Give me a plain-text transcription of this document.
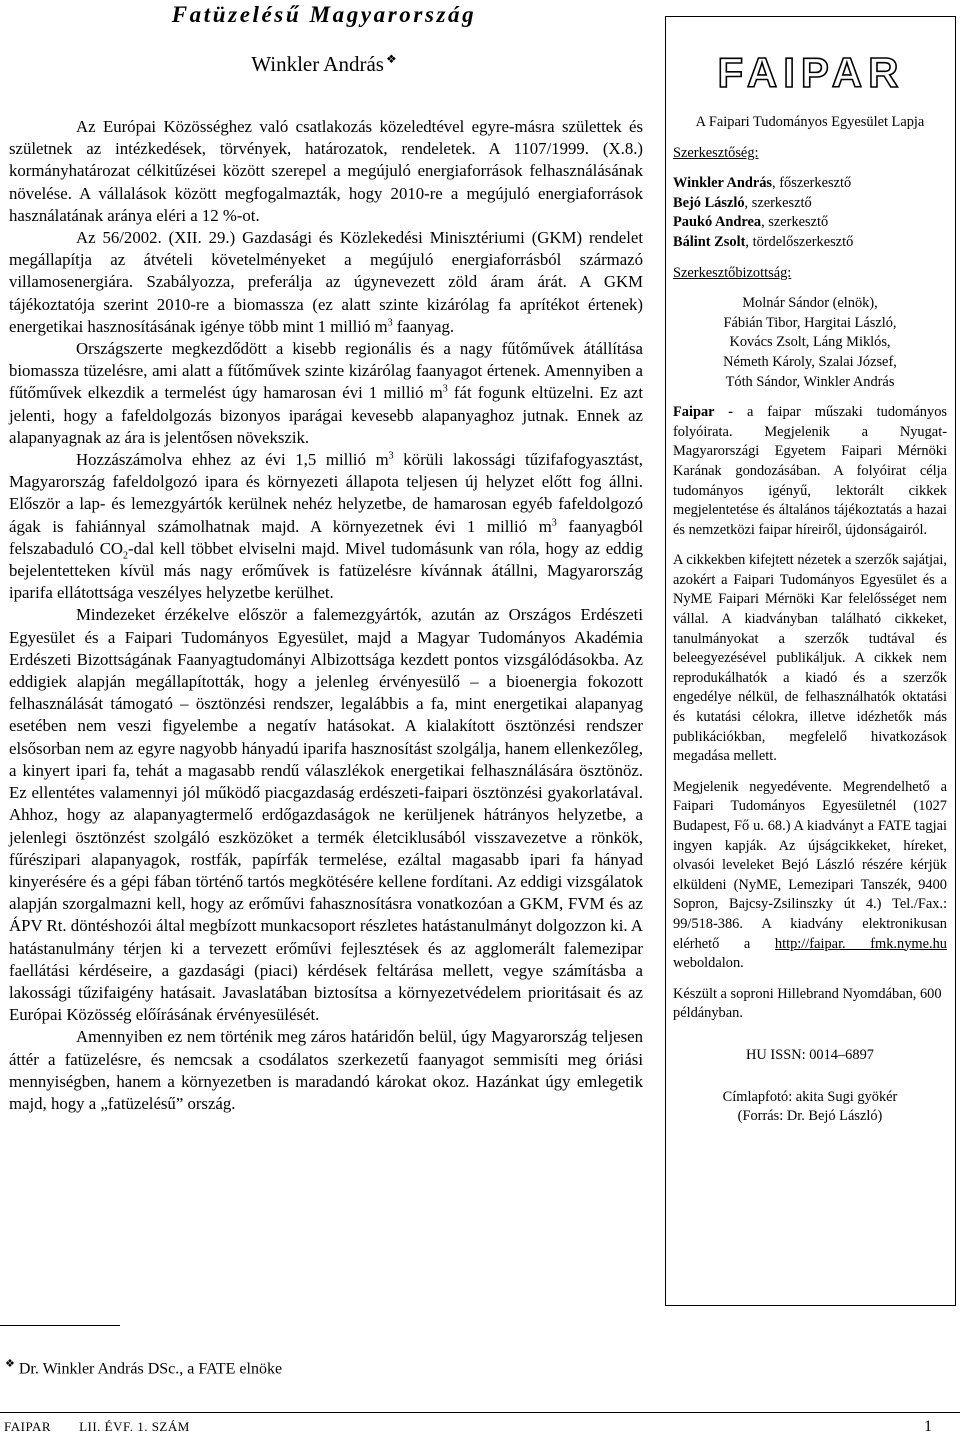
Fatüzelésű Magyarország

Winkler András ❖

Az Európai Közösséghez való csatlakozás közeledtével egyre-másra születtek és születnek az intézkedések, törvények, határozatok, rendeletek. A 1107/1999. (X.8.) kormányhatározat célkitűzései között szerepel a megújuló energiaforrások felhasználásának növelése. A vállalások között megfogalmazták, hogy 2010-re a megújuló energiaforrások használatának aránya eléri a 12 %-ot.

Az 56/2002. (XII. 29.) Gazdasági és Közlekedési Minisztériumi (GKM) rendelet megállapítja az átvételi követelményeket a megújuló energiaforrásból származó villamosenergiára. Szabályozza, preferálja az úgynevezett zöld áram árát. A GKM tájékoztatója szerint 2010-re a biomassza (ez alatt szinte kizárólag fa aprítékot értenek) energetikai hasznosításának igénye több mint 1 millió $m^3$ faanyag.

Országszerte megkezdődött a kisebb regionális és a nagy fűtőművek átállítása biomassza tüzelésre, ami alatt a fűtőművek szinte kizárólag faanyagot értenek. Amennyiben a fűtőművek elkezdik a termelést úgy hamarosan évi 1 millió $m^3$ fát fogunk eltüzelni. Ez azt jelenti, hogy a fafeldolgozás bizonyos iparágai kevesebb alapanyaghoz jutnak. Ennek az alapanyagnak az ára is jelentősen növekszik.

Hozzászámolva ehhez az évi 1,5 millió $m^3$ körüli lakossági tűzifafogyasztást, Magyarország fafeldolgozó ipara és környezeti állapota teljesen új helyzet előtt fog állni. Először a lap- és lemezgyártók kerülnek nehéz helyzetbe, de hamarosan egyéb fafeldolgozó ágak is fahiánnyal számolhatnak majd. A környezetnek évi 1 millió $m^3$ faanyagból felszabaduló $CO_2$-dal kell többet elviselni majd. Mivel tudomásunk van róla, hogy az eddig bejelentetteken kívül más nagy erőművek is fatüzelésre kívánnak átállni, Magyarország iparifa ellátottsága veszélyes helyzetbe kerülhet.

Mindezeket érzékelve először a falemezgyártók, azután az Országos Erdészeti Egyesület és a Faipari Tudományos Egyesület, majd a Magyar Tudományos Akadémia Erdészeti Bizottságának Faanyagtudományi Albizottsága kezdett pontos vizsgálódásokba. Az eddigiek alapján megállapították, hogy a jelenleg érvényesülő – a bioenergia fokozott felhasználását támogató – ösztönzési rendszer, legalábbis a fa, mint energetikai alapanyag esetében nem veszi figyelembe a negatív hatásokat. A kialakított ösztönzési rendszer elsősorban nem az egyre nagyobb hányadú iparifa hasznosítást szolgálja, hanem ellenkezőleg, a kinyert ipari fa, tehát a magasabb rendű válaszlékok energetikai felhasználására ösztönöz. Ez ellentétes valamennyi jól működő piacgazdaság erdészeti-faipari ösztönzési gyakorlatával. Ahhoz, hogy az alapanyagtermelő erdőgazdaságok ne kerüljenek hátrányos helyzetbe, a jelenlegi ösztönzést szolgáló eszközöket a termék életciklusából visszavezetve a rönkök, fűrészipari alapanyagok, rostfák, papírfák termelése, ezáltal magasabb ipari fa hányad kinyerésére és a gépi fában történő tartós megkötésére kellene fordítani. Az eddigi vizsgálatok alapján szorgalmazni kell, hogy az erőművi fahasznosításra vonatkozóan a GKM, FVM és az ÁPV Rt. döntéshozói által megbízott munkacsoport részletes hatástanulmányt dolgozzon ki. A hatástanulmány térjen ki a tervezett erőművi fejlesztések és az agglomerált falemezipar faellátási kérdéseire, a gazdasági (piaci) kérdések feltárása mellett, vegye számításba a lakossági tűzifaigény hatásait. Javaslatában biztosítsa a környezetvédelem prioritásait és az Európai Közösség előírásának érvényesülését.

Amennyiben ez nem történik meg záros határidőn belül, úgy Magyarország teljesen áttér a fatüzelésre, és nemcsak a csodálatos szerkezetű faanyagot semmisíti meg óriási mennyiségben, hanem a környezetben is maradandó károkat okoz. Hazánkat úgy emlegetik majd, hogy a „fatüzelésű” ország.

FAIPAR

A Faipari Tudományos Egyesület Lapja

Szerkesztőség:

Winkler András, főszerkesztő

Bejó László, szerkesztő

Paukó Andrea, szerkesztő

Bálint Zsolt, tördelőszerkesztő

Szerkesztőbizottság:

Molnár Sándor (elnök),

Fábián Tibor, Hargitai László,

Kovács Zsolt, Láng Miklós,

Németh Károly, Szalai József,

Tóth Sándor, Winkler András

Faipar - a faipar műszaki tudományos folyóirata. Megjelenik a Nyugat-Magyarországi Egyetem Faipari Mérnöki Karának gondozásában. A folyóirat célja tudományos igényű, lektorált cikkek megjelentetése és általános tájékoztatás a hazai és nemzetközi faipar híreiről, újdonságairól.

A cikkekben kifejtett nézetek a szerzők sajátjai, azokért a Faipari Tudományos Egyesület és a NyME Faipari Mérnöki Kar felelősséget nem vállal. A kiadványban található cikkeket, tanulmányokat a szerzők tudtával és beleegyezésével publikáljuk. A cikkek nem reprodukálhatók a kiadó és a szerzők engedélye nélkül, de felhasználhatók oktatási és kutatási célokra, illetve idézhetők más publikációkban, megfelelő hivatkozások megadása mellett.

Megjelenik negyedévente. Megrendelhető a Faipari Tudományos Egyesületnél (1027 Budapest, Fő u. 68.) A kiadványt a FATE tagjai ingyen kapják. Az újságcikkeket, híreket, olvasói leveleket Bejó László részére kérjük elküldeni (NyME, Lemezipari Tanszék, 9400 Sopron, Bajcsy-Zsilinszky út 4.) Tel./Fax.: 99/518-386. A kiadvány elektronikusan elérhető a http://faipar. fmk.nyme.hu weboldalon.

Készült a soproni Hillebrand Nyomdában, 600 példányban.

HU ISSN: 0014–6897

Címlapfotó: akita Sugi gyökér

(Forrás: Dr. Bejó László)

❖ Dr. Winkler András DSc., a FATE elnöke
FAIPAR LII. ÉVF. 1. SZÁM	1
